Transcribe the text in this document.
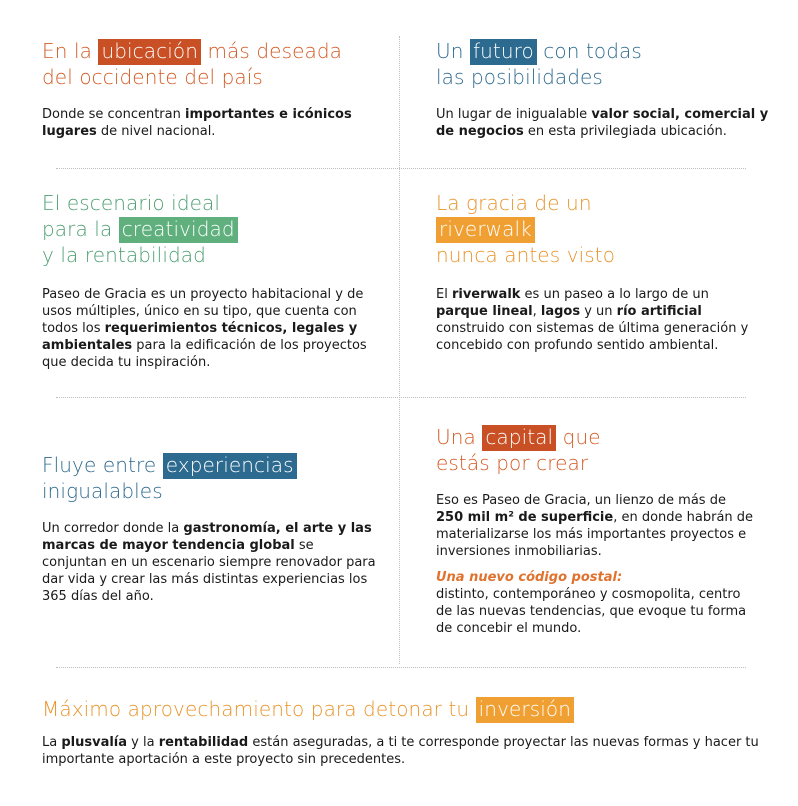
En la ubicación más deseada
del occidente del país

Donde se concentran importantes e icónicos lugares de nivel nacional.

Un futuro con todas
las posibilidades

Un lugar de inigualable valor social, comercial y de negocios en esta privilegiada ubicación.

El escenario ideal
para la creatividad
y la rentabilidad

Paseo de Gracia es un proyecto habitacional y de usos múltiples, único en su tipo, que cuenta con todos los requerimientos técnicos, legales y ambientales para la edificación de los proyectos que decida tu inspiración.

La gracia de un
riverwalk
nunca antes visto

El riverwalk es un paseo a lo largo de un parque lineal, lagos y un río artificial construido con sistemas de última generación y concebido con profundo sentido ambiental.

Fluye entre experiencias
inigualables

Un corredor donde la gastronomía, el arte y las marcas de mayor tendencia global se conjuntan en un escenario siempre renovador para dar vida y crear las más distintas experiencias los 365 días del año.

Una capital que
estás por crear

Eso es Paseo de Gracia, un lienzo de más de 250 mil m² de superficie, en donde habrán de materializarse los más importantes proyectos e inversiones inmobiliarias.

Una nuevo código postal:

distinto, contemporáneo y cosmopolita, centro de las nuevas tendencias, que evoque tu forma de concebir el mundo.

Máximo aprovechamiento para detonar tu inversión

La plusvalía y la rentabilidad están aseguradas, a ti te corresponde proyectar las nuevas formas y hacer tu importante aportación a este proyecto sin precedentes.
